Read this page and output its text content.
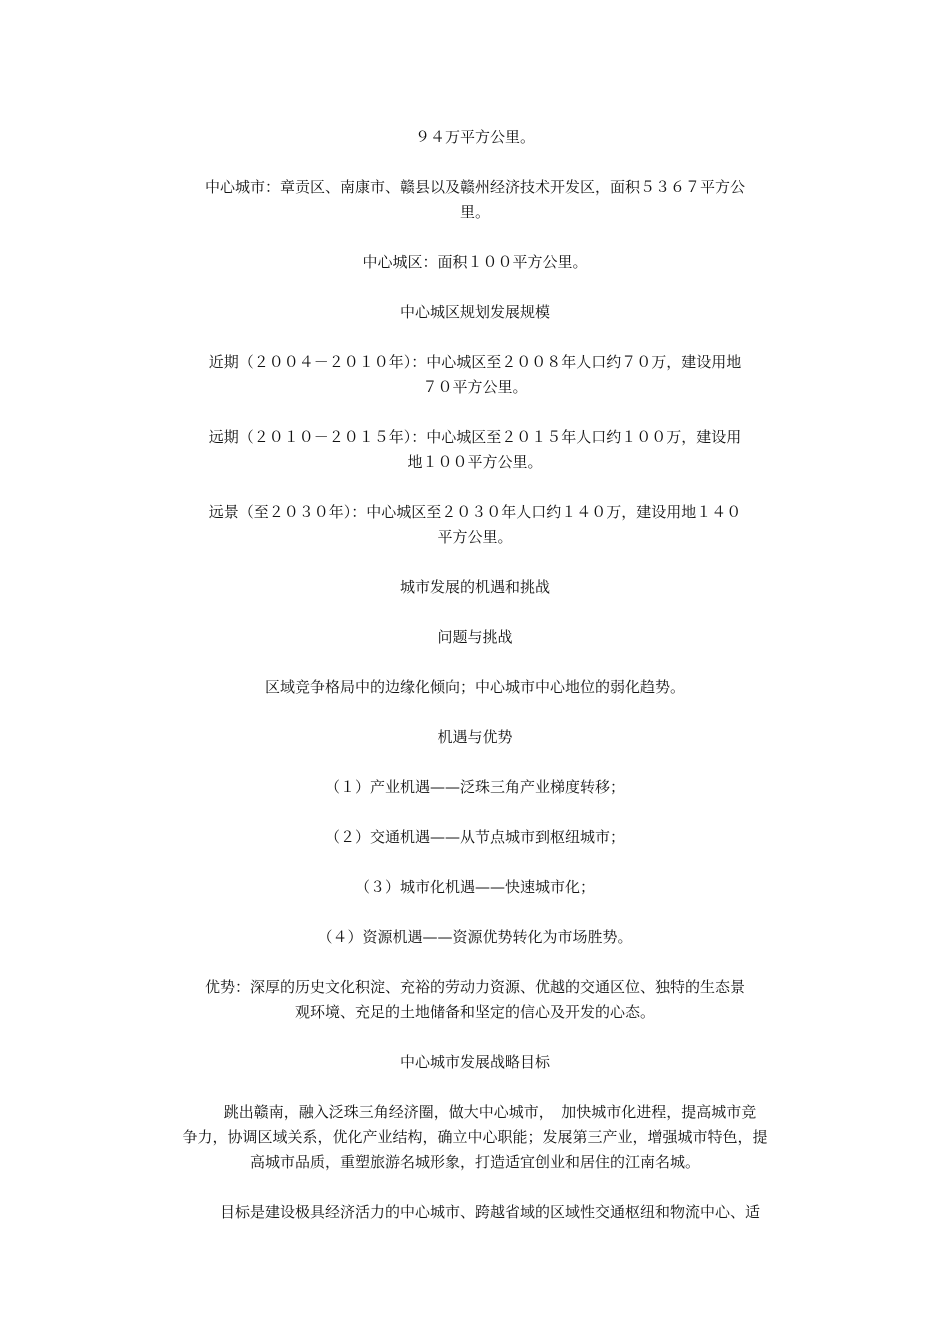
９４万平方公里。

中心城市：章贡区、南康市、赣县以及赣州经济技术开发区，面积５３６７平方公
里。

中心城区：面积１００平方公里。

中心城区规划发展规模

近期（２００４－２０１０年）：中心城区至２００８年人口约７０万，建设用地
７０平方公里。

远期（２０１０－２０１５年）：中心城区至２０１５年人口约１００万，建设用
地１００平方公里。

远景（至２０３０年）：中心城区至２０３０年人口约１４０万，建设用地１４０
平方公里。

城市发展的机遇和挑战

问题与挑战

区域竞争格局中的边缘化倾向；中心城市中心地位的弱化趋势。

机遇与优势

（１）产业机遇——泛珠三角产业梯度转移；

（２）交通机遇——从节点城市到枢纽城市；

（３）城市化机遇——快速城市化；

（４）资源机遇——资源优势转化为市场胜势。

优势：深厚的历史文化积淀、充裕的劳动力资源、优越的交通区位、独特的生态景
观环境、充足的土地储备和坚定的信心及开发的心态。

中心城市发展战略目标

跳出赣南，融入泛珠三角经济圈，做大中心城市，　加快城市化进程，提高城市竞
争力，协调区域关系，优化产业结构，确立中心职能；发展第三产业，增强城市特色，提
高城市品质，重塑旅游名城形象，打造适宜创业和居住的江南名城。

目标是建设极具经济活力的中心城市、跨越省域的区域性交通枢纽和物流中心、适
